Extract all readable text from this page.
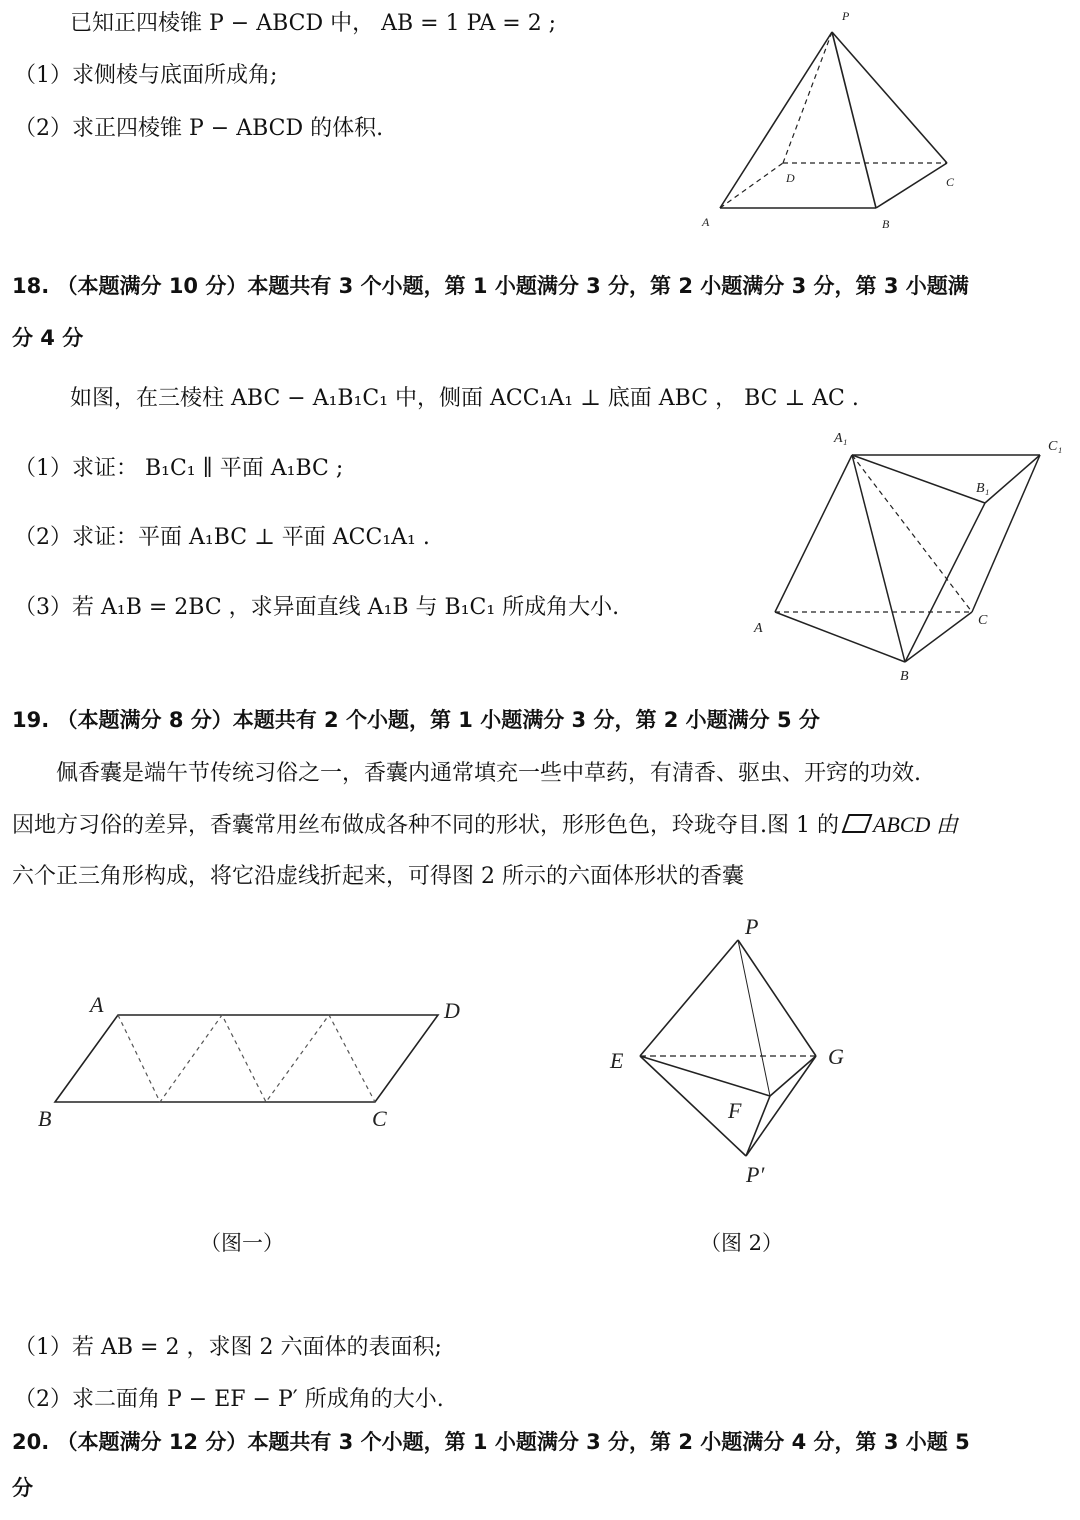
已知正四棱锥 P − ABCD 中， AB = 1 PA = 2 ;
（1）求侧棱与底面所成角;
（2）求正四棱锥 P − ABCD 的体积.
P
A	B
C
D
18. （本题满分 10 分）本题共有 3 个小题，第 1 小题满分 3 分，第 2 小题满分 3 分，第 3 小题满
分 4 分
如图，在三棱柱 ABC − A₁B₁C₁ 中，侧面 ACC₁A₁ ⊥ 底面 ABC ， BC ⊥ AC .
（1）求证： B₁C₁ ∥ 平面 A₁BC ;
（2）求证：平面 A₁BC ⊥ 平面 ACC₁A₁ .
（3）若 A₁B = 2BC ，求异面直线 A₁B 与 B₁C₁ 所成角大小.
A₁
C₁
B₁
A
C
B
19. （本题满分 8 分）本题共有 2 个小题，第 1 小题满分 3 分，第 2 小题满分 5 分
佩香囊是端午节传统习俗之一，香囊内通常填充一些中草药，有清香、驱虫、开窍的功效.
因地方习俗的差异，香囊常用丝布做成各种不同的形状，形形色色，玲珑夺目.图 1 的 ABCD 由
六个正三角形构成，将它沿虚线折起来，可得图 2 所示的六面体形状的香囊
A	D
B	C
P
E	G
F
P′
（图一）	（图 2）
（1）若 AB = 2 ，求图 2 六面体的表面积;
（2）求二面角 P − EF − P′ 所成角的大小.
20. （本题满分 12 分）本题共有 3 个小题，第 1 小题满分 3 分，第 2 小题满分 4 分，第 3 小题 5
分
